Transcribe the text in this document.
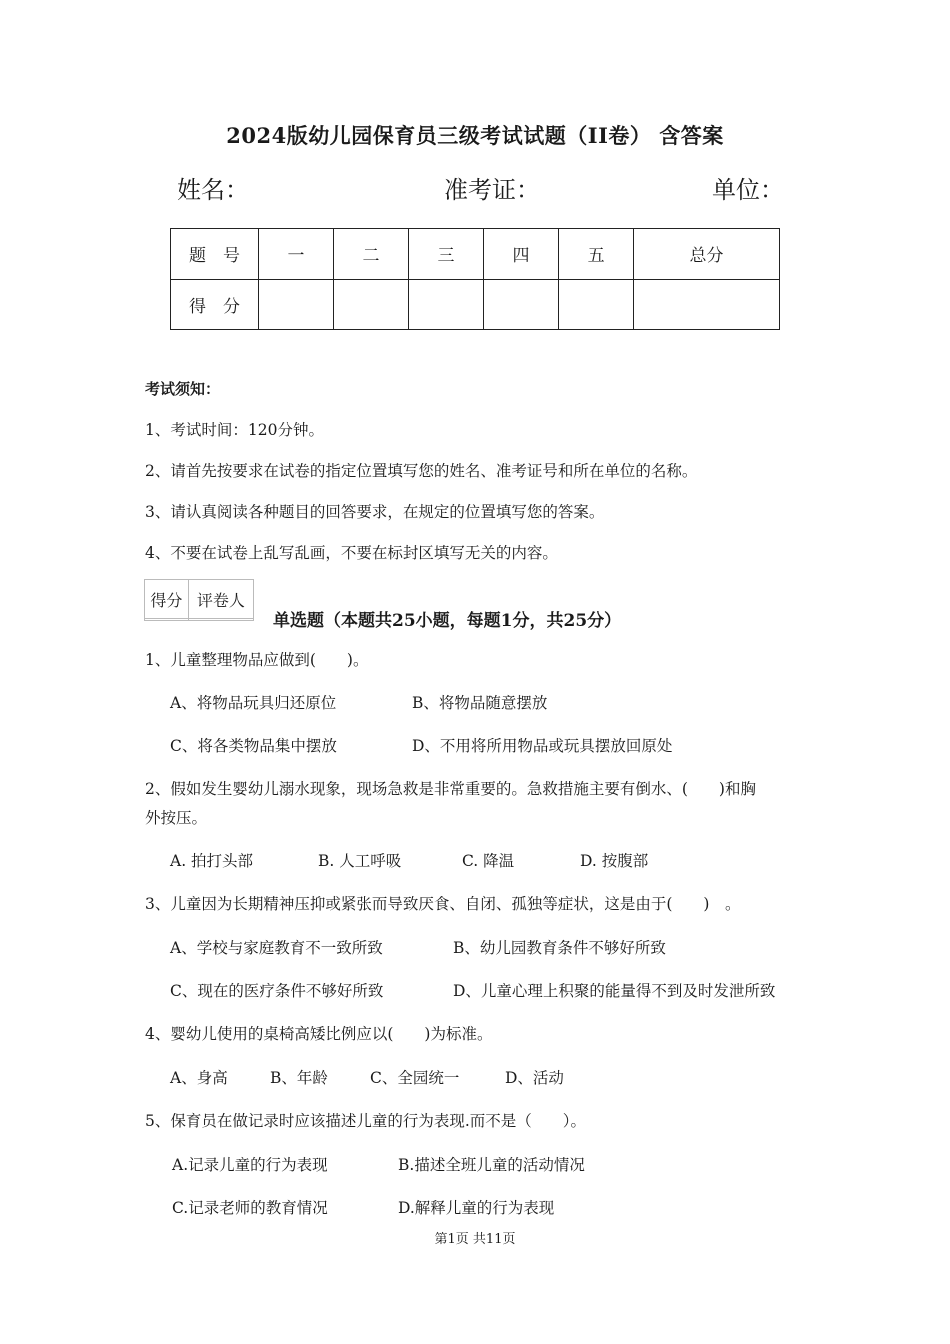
2024版幼儿园保育员三级考试试题（II卷） 含答案
姓名：	准考证：	单位：
题　号	一	二	三	四	五	总分
得　分						
考试须知：
1、考试时间：120分钟。
2、请首先按要求在试卷的指定位置填写您的姓名、准考证号和所在单位的名称。
3、请认真阅读各种题目的回答要求，在规定的位置填写您的答案。
4、不要在试卷上乱写乱画，不要在标封区填写无关的内容。
得分	评卷人

单选题（本题共25小题，每题1分，共25分）
1、儿童整理物品应做到(　　)。
A、将物品玩具归还原位	B、将物品随意摆放
C、将各类物品集中摆放	D、不用将所用物品或玩具摆放回原处
2、假如发生婴幼儿溺水现象，现场急救是非常重要的。急救措施主要有倒水、(　　)和胸
外按压。
A. 拍打头部	B. 人工呼吸	C. 降温	D. 按腹部
3、儿童因为长期精神压抑或紧张而导致厌食、自闭、孤独等症状，这是由于(　　)　。
A、学校与家庭教育不一致所致	B、幼儿园教育条件不够好所致
C、现在的医疗条件不够好所致	D、儿童心理上积聚的能量得不到及时发泄所致
4、婴幼儿使用的桌椅高矮比例应以(　　)为标准。
A、身高	B、年龄	C、全园统一	D、活动
5、保育员在做记录时应该描述儿童的行为表现.而不是（　　）。
A.记录儿童的行为表现	B.描述全班儿童的活动情况
C.记录老师的教育情况	D.解释儿童的行为表现
第1页 共11页
